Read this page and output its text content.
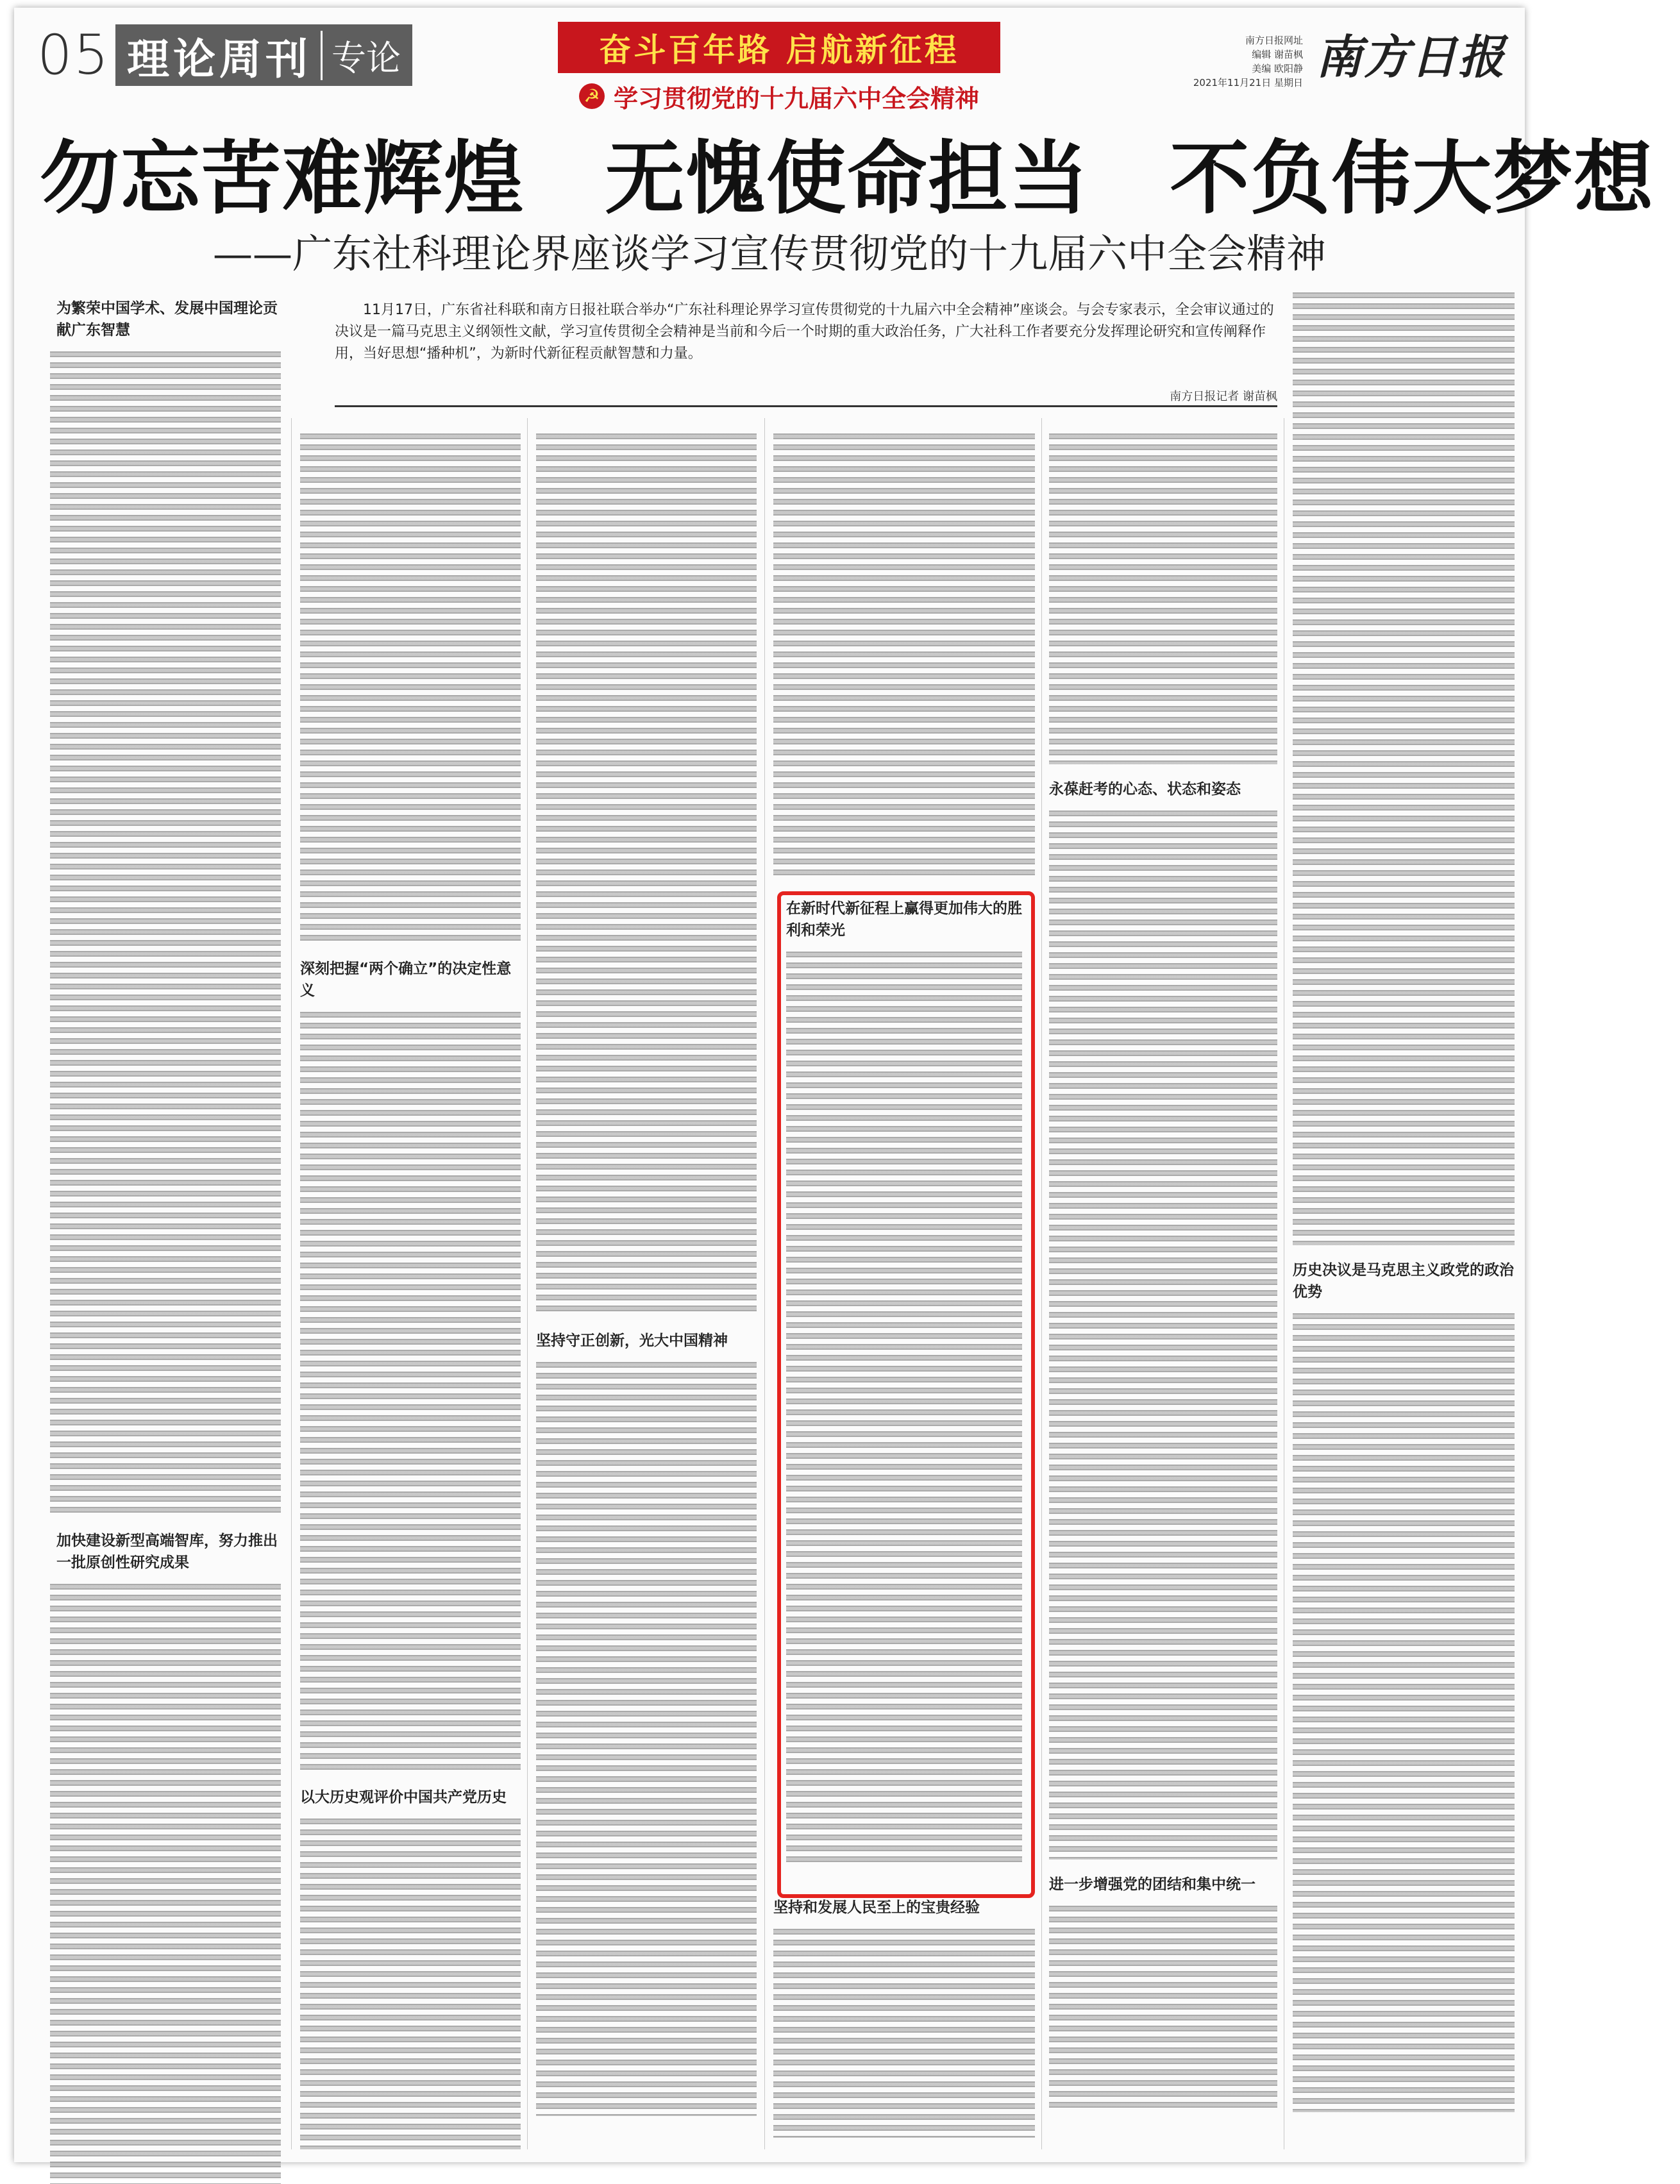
05 理论周刊 专论	奋斗百年路 启航新征程
☭ 学习贯彻党的十九届六中全会精神
南方日报网址
编辑 谢苗枫
美编 欧阳静
2021年11月21日 星期日 南方日报
勿忘苦难辉煌 无愧使命担当 不负伟大梦想
——广东社科理论界座谈学习宣传贯彻党的十九届六中全会精神
11月17日，广东省社科联和南方日报社联合举办“广东社科理论界学习宣传贯彻党的十九届六中全会精神”座谈会。与会专家表示，全会审议通过的决议是一篇马克思主义纲领性文献，学习宣传贯彻全会精神是当前和今后一个时期的重大政治任务，广大社科工作者要充分发挥理论研究和宣传阐释作用，当好思想“播种机”，为新时代新征程贡献智慧和力量。
南方日报记者 谢苗枫
为繁荣中国学术、发展中国理论贡献广东智慧
加快建设新型高端智库，努力推出一批原创性研究成果
深刻把握“两个确立”的决定性意义
以大历史观评价中国共产党历史
坚持守正创新，光大中国精神
在新时代新征程上赢得更加伟大的胜利和荣光
坚持和发展人民至上的宝贵经验
永葆赶考的心态、状态和姿态
进一步增强党的团结和集中统一
历史决议是马克思主义政党的政治优势
